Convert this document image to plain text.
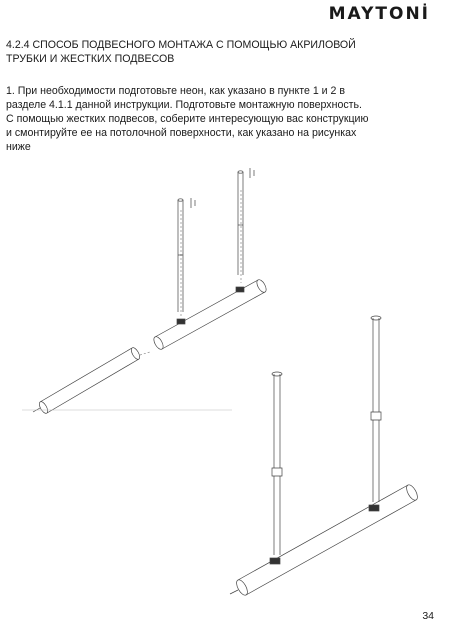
MAYTONİ
4.2.4 СПОСОБ ПОДВЕСНОГО МОНТАЖА С ПОМОЩЬЮ АКРИЛОВОЙ
ТРУБКИ И ЖЕСТКИХ ПОДВЕСОВ

1. При необходимости подготовьте неон, как указано в пункте 1 и 2 в
разделе 4.1.1 данной инструкции. Подготовьте монтажную поверхность.
С помощью жестких подвесов, соберите интересующую вас конструкцию
и смонтируйте ее на потолочной поверхности, как указано на рисунках
ниже

34
